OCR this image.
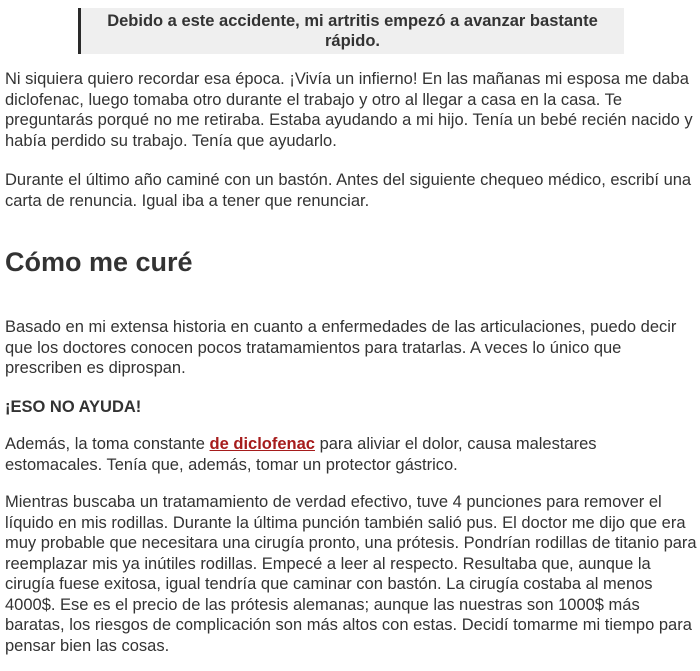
Debido a este accidente, mi artritis empezó a avanzar bastante rápido.

Ni siquiera quiero recordar esa época. ¡Vivía un infierno! En las mañanas mi esposa me daba diclofenac, luego tomaba otro durante el trabajo y otro al llegar a casa en la casa. Te preguntarás porqué no me retiraba. Estaba ayudando a mi hijo. Tenía un bebé recién nacido y había perdido su trabajo. Tenía que ayudarlo.

Durante el último año caminé con un bastón. Antes del siguiente chequeo médico, escribí una carta de renuncia. Igual iba a tener que renunciar.

Cómo me curé

Basado en mi extensa historia en cuanto a enfermedades de las articulaciones, puedo decir que los doctores conocen pocos tratamamientos para tratarlas. A veces lo único que prescriben es diprospan.

¡ESO NO AYUDA!

Además, la toma constante de diclofenac para aliviar el dolor, causa malestares estomacales. Tenía que, además, tomar un protector gástrico.

Mientras buscaba un tratamamiento de verdad efectivo, tuve 4 punciones para remover el líquido en mis rodillas. Durante la última punción también salió pus. El doctor me dijo que era muy probable que necesitara una cirugía pronto, una prótesis. Pondrían rodillas de titanio para reemplazar mis ya inútiles rodillas. Empecé a leer al respecto. Resultaba que, aunque la cirugía fuese exitosa, igual tendría que caminar con bastón. La cirugía costaba al menos 4000$. Ese es el precio de las prótesis alemanas; aunque las nuestras son 1000$ más baratas, los riesgos de complicación son más altos con estas. Decidí tomarme mi tiempo para pensar bien las cosas.
